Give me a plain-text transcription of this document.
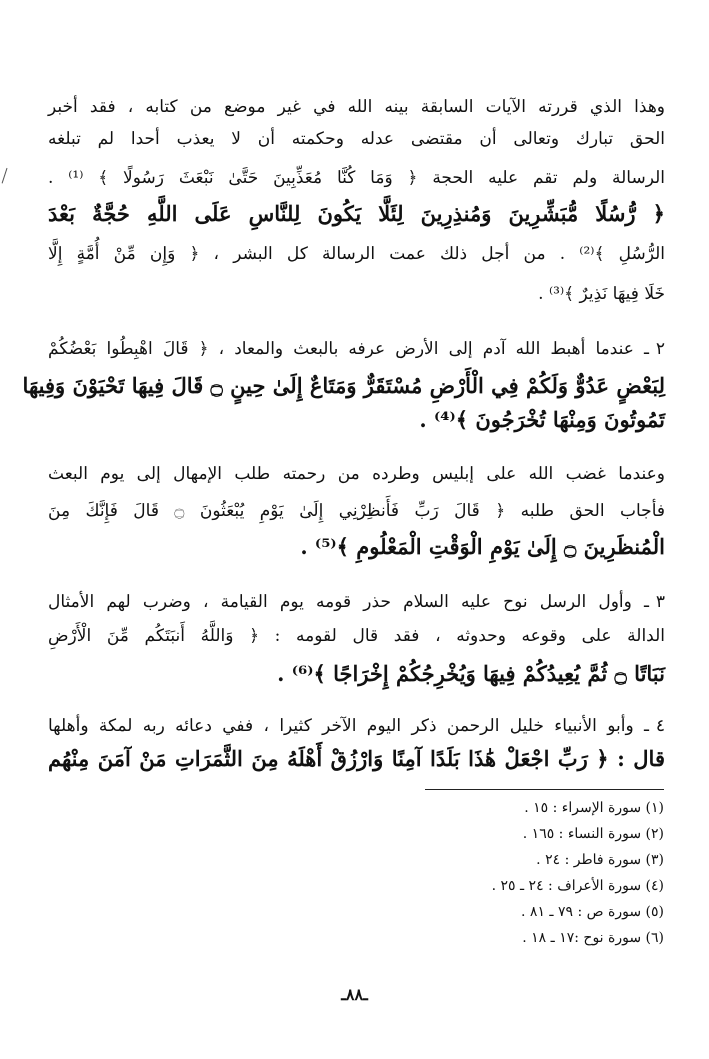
وهذا الذي قررته الآيات السابقة بينه الله في غير موضع من كتابه ، فقد أخبر
الحق تبارك وتعالى أن مقتضى عدله وحكمته أن لا يعذب أحدا لم تبلغه
الرسالة ولم تقم عليه الحجة ﴿ وَمَا كُنَّا مُعَذِّبِينَ حَتَّىٰ نَبْعَثَ رَسُولًا ﴾ ⁽¹⁾ .
﴿ رُّسُلًا مُّبَشِّرِينَ وَمُنذِرِينَ لِئَلَّا يَكُونَ لِلنَّاسِ عَلَى اللَّهِ حُجَّةٌ بَعْدَ
الرُّسُلِ ﴾⁽²⁾ . من أجل ذلك عمت الرسالة كل البشر ، ﴿ وَإِن مِّنْ أُمَّةٍ إِلَّا
خَلَا فِيهَا نَذِيرٌ ﴾⁽³⁾ .
٢
ـ عندما أهبط الله آدم إلى الأرض عرفه بالبعث والمعاد ، ﴿ قَالَ اهْبِطُوا بَعْضُكُمْ
لِبَعْضٍ عَدُوٌّ وَلَكُمْ فِي الْأَرْضِ مُسْتَقَرٌّ وَمَتَاعٌ إِلَىٰ حِينٍ ۝ قَالَ فِيهَا تَحْيَوْنَ وَفِيهَا
تَمُوتُونَ وَمِنْهَا تُخْرَجُونَ ﴾⁽⁴⁾ .
وعندما غضب الله على إبليس وطرده من رحمته طلب الإمهال إلى يوم البعث
فأجاب الحق طلبه ﴿ قَالَ رَبِّ فَأَنظِرْنِي إِلَىٰ يَوْمِ يُبْعَثُونَ ۝ قَالَ فَإِنَّكَ مِنَ
الْمُنظَرِينَ ۝ إِلَىٰ يَوْمِ الْوَقْتِ الْمَعْلُومِ ﴾⁽⁵⁾ .
٣
ـ وأول الرسل نوح عليه السلام حذر قومه يوم القيامة ، وضرب لهم الأمثال
الدالة على وقوعه وحدوثه ، فقد قال لقومه : ﴿ وَاللَّهُ أَنبَتَكُم مِّنَ الْأَرْضِ
نَبَاتًا ۝ ثُمَّ يُعِيدُكُمْ فِيهَا وَيُخْرِجُكُمْ إِخْرَاجًا ﴾⁽⁶⁾ .
٤
ـ وأبو الأنبياء خليل الرحمن ذكر اليوم الآخر كثيرا ، ففي دعائه ربه لمكة وأهلها
قال : ﴿ رَبِّ اجْعَلْ هَٰذَا بَلَدًا آمِنًا وَارْزُقْ أَهْلَهُ مِنَ الثَّمَرَاتِ مَنْ آمَنَ مِنْهُم
(١) سورة الإسراء : ١٥ .
(٢) سورة النساء : ١٦٥ .
(٣) سورة فاطر : ٢٤ .
(٤) سورة الأعراف : ٢٤ ـ ٢٥ .
(٥) سورة ص : ٧٩ ـ ٨١ .
(٦) سورة نوح :١٧ ـ ١٨ .
ـ٨٨ـ
